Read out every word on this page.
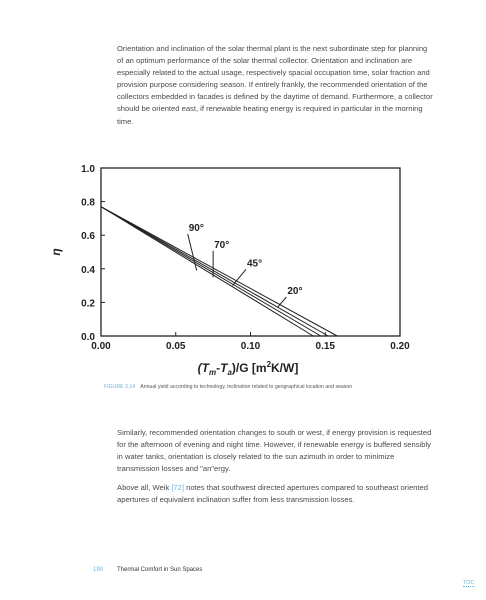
Orientation and inclination of the solar thermal plant is the next subordinate step for planning of an optimum performance of the solar thermal collector. Orientation and inclination are especially related to the actual usage, respectively spacial occupation time, solar fraction and provision purpose considering season. If entirely frankly, the recommended orientation of the collectors embedded in facades is defined by the daytime of demand. Furthermore, a collector should be oriented east, if renewable heating energy is required in particular in the morning time.

90°
70°
45°
20°
0.00	0.05	0.10	0.15	0.20
0.0
0.2
0.4
0.6
0.8
1.0
η
$(T_m-T_a)/G$ $[m^2K/W]$
FIGURE 3.14 Annual yield according to technology, inclination related to geographical location and season

Similarly, recommended orientation changes to south or west, if energy provision is requested for the afternoon of evening and night time. However, if renewable energy is buffered sensibly in water tanks, orientation is closely related to the sun azimuth in order to minimize transmission losses and "an"ergy.

Above all, Weik [72] notes that southwest directed apertures compared to southeast oriented apertures of equivalent inclination suffer from less transmission losses.

190 Thermal Comfort in Sun Spaces
TOC
